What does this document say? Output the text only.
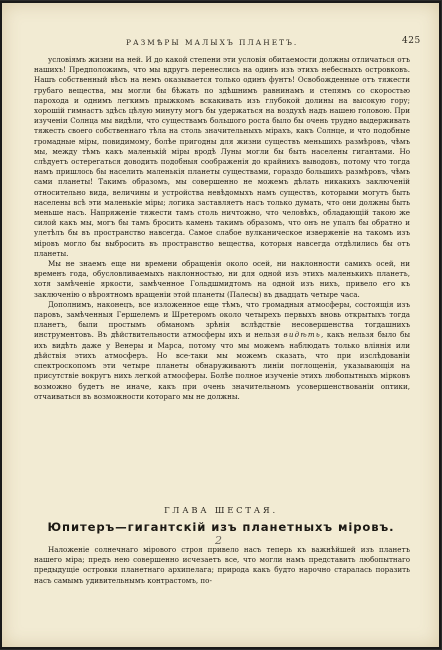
РАЗМѢРЫ МАЛЫХЪ ПЛАНЕТЪ.	425

условіямъ жизни на ней. И до какой степени эти условія обитаемости должны отличаться отъ нашихъ! Предположимъ, что мы вдругъ перенеслись на одинъ изъ этихъ небесныхъ островковъ. Нашъ собственный вѣсъ на немъ оказывается только одинъ фунтъ! Освобожденные отъ тяжести грубаго вещества, мы могли бы бѣжать по здѣшнимъ равнинамъ и степямъ со скоростью парохода и однимъ легкимъ прыжкомъ вскакивать изъ глубокой долины на высокую гору; хорошій гимнастъ здѣсь цѣлую минуту могъ бы удержаться на воздухѣ надъ нашею головою. При изученіи Солнца мы видѣли, что существамъ большого роста было бы очень трудно выдерживать тяжесть своего собственнаго тѣла на столь значительныхъ мірахъ, какъ Солнце, и что подобные громадные міры, повидимому, болѣе пригодны для жизни существъ меньшихъ размѣровъ, чѣмъ мы, между тѣмъ какъ маленькій міры вродѣ Луны могли бы быть населены гигантами. Но слѣдуетъ остерегаться доводить подобныя соображенія до крайнихъ выводовъ, потому что тогда намъ пришлось бы населить маленькія планеты существами, гораздо большихъ размѣровъ, чѣмъ сами планеты! Такимъ образомъ, мы совершенно не можемъ дѣлать никакихъ заключеній относительно вида, величины и устройства невѣдомыхъ намъ существъ, которыми могутъ быть населены всѣ эти маленькіе міры; логика заставляетъ насъ только думать, что они должны быть меньше насъ. Напряженіе тяжести тамъ столь ничтожно, что человѣкъ, обладающій такою же силой какъ мы, могъ бы тамъ бросить камень такимъ образомъ, что онъ не упалъ бы обратно и улетѣлъ бы въ пространство навсегда. Самое слабое вулканическое изверженіе на такомъ изъ міровъ могло бы выбросить въ пространство вещества, которыя навсегда отдѣлились бы отъ планеты.

Мы не знаемъ еще ни времени обращенія около осей, ни наклонности самихъ осей, ни временъ года, обусловливаемыхъ наклонностью, ни для одной изъ этихъ маленькихъ планетъ, хотя замѣченіе яркости, замѣченное Гольдшмидтомъ на одной изъ нихъ, привело его къ заключенію о вѣроятномъ вращеніи этой планеты (Палесы) въ двадцать четыре часа.

Дополнимъ, наконецъ, все изложенное еще тѣмъ, что громадныя атмосферы, состоящія изъ паровъ, замѣченныя Гершелемъ и Шретеромъ около четырехъ первыхъ вновь открытыхъ тогда планетъ, были простымъ обманомъ зрѣнія вслѣдствіе несовершенства тогдашнихъ инструментовъ. Въ дѣйствительности атмосферы ихъ и нельзя видѣть, какъ нельзя было бы ихъ видѣть даже у Венеры и Марса, потому что мы можемъ наблюдать только вліянія или дѣйствія этихъ атмосферъ. Но все-таки мы можемъ сказать, что при изслѣдованіи спектроскопомъ эти четыре планеты обнаруживаютъ линіи поглощенія, указывающія на присутствіе вокругъ нихъ легкой атмосферы. Болѣе полное изученіе этихъ любопытныхъ мірковъ возможно будетъ не иначе, какъ при очень значительномъ усовершенствованіи оптики, отчаиваться въ возможности котораго мы не должны.

ГЛАВА ШЕСТАЯ.
Юпитеръ—гигантскій изъ планетныхъ міровъ.
2

Наложеніе солнечнаго мірового строя привело насъ теперь къ важнѣйшей изъ планетъ нашего міра; предъ нею совершенно исчезаетъ все, что могли намъ представить любопытнаго предыдущіе островки планетнаго архипелага; природа какъ будто нарочно старалась поразить насъ самымъ удивительнымъ контрастомъ, по-
